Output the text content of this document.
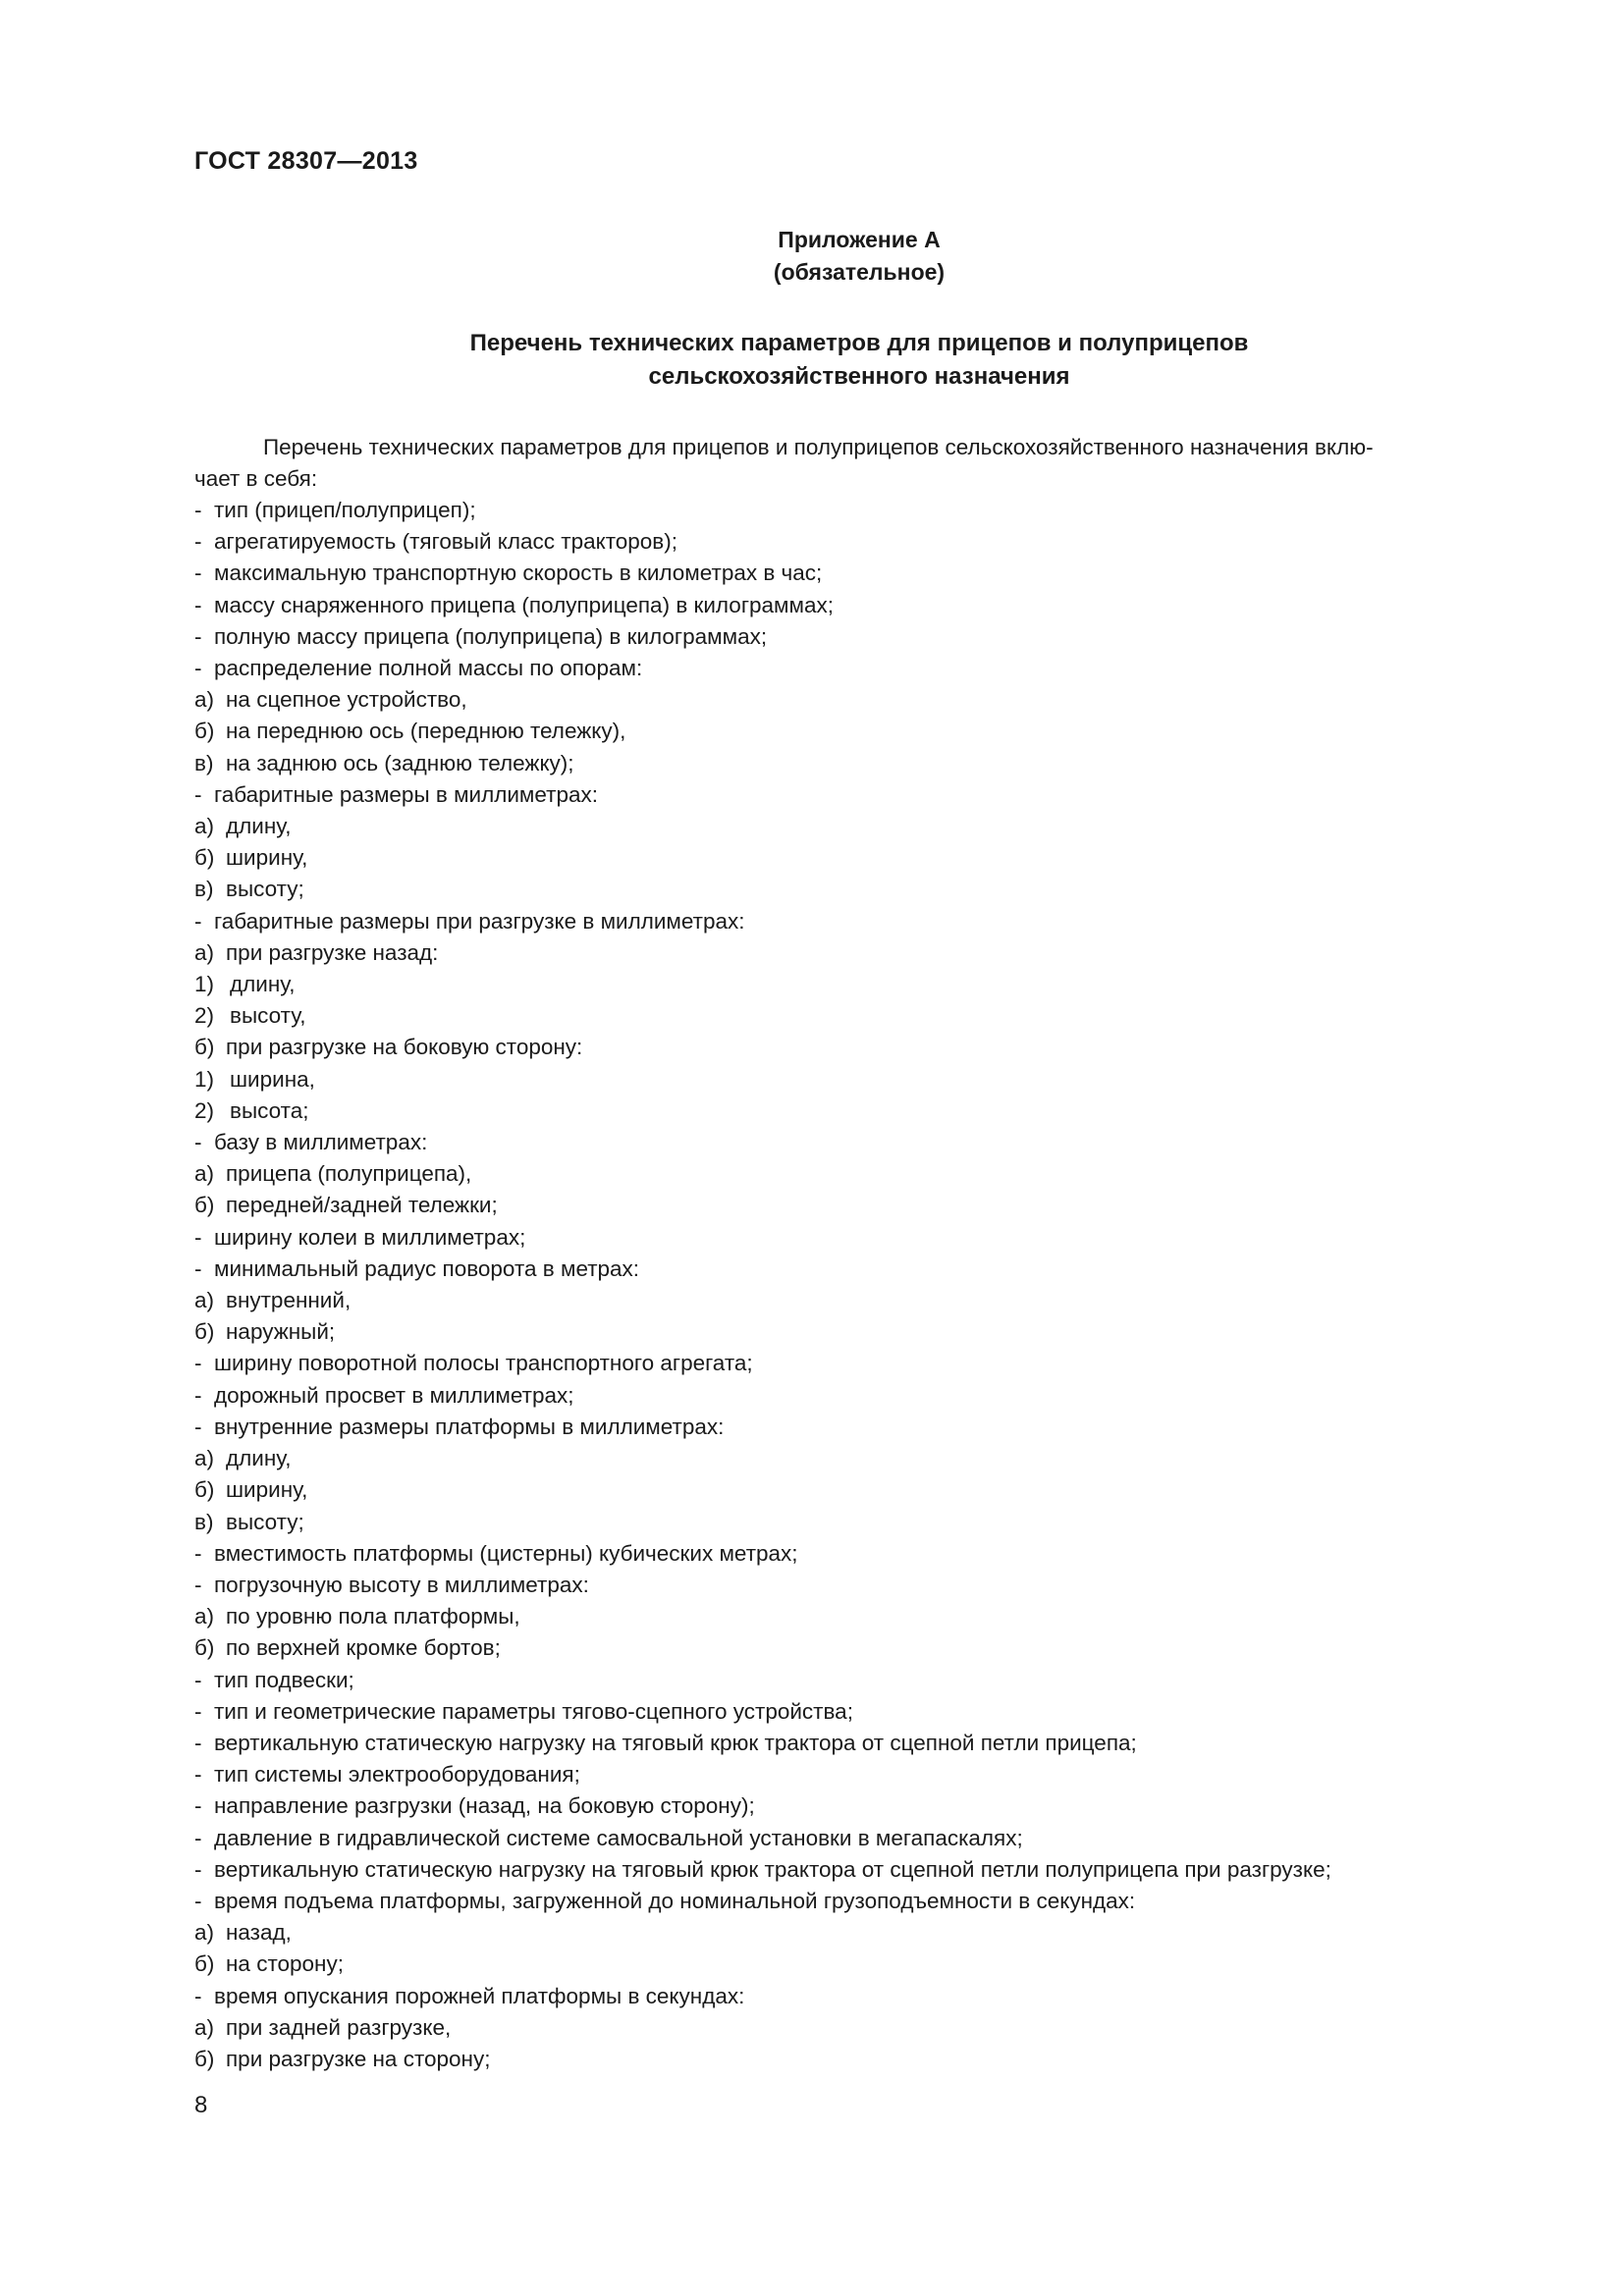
ГОСТ 28307—2013
Приложение А
(обязательное)
Перечень технических параметров для прицепов и полуприцепов
сельскохозяйственного назначения
Перечень технических параметров для прицепов и полуприцепов сельскохозяйственного назначения вклю-
чает в себя:
- тип (прицеп/полуприцеп);
- агрегатируемость (тяговый класс тракторов);
- максимальную транспортную скорость в километрах в час;
- массу снаряженного прицепа (полуприцепа) в килограммах;
- полную массу прицепа (полуприцепа) в килограммах;
- распределение полной массы по опорам:
а) на сцепное устройство,
б) на переднюю ось (переднюю тележку),
в) на заднюю ось (заднюю тележку);
- габаритные размеры в миллиметрах:
а) длину,
б) ширину,
в) высоту;
- габаритные размеры при разгрузке в миллиметрах:
а) при разгрузке назад:
1) длину,
2) высоту,
б) при разгрузке на боковую сторону:
1) ширина,
2) высота;
- базу в миллиметрах:
а) прицепа (полуприцепа),
б) передней/задней тележки;
- ширину колеи в миллиметрах;
- минимальный радиус поворота в метрах:
а) внутренний,
б) наружный;
- ширину поворотной полосы транспортного агрегата;
- дорожный просвет в миллиметрах;
- внутренние размеры платформы в миллиметрах:
а) длину,
б) ширину,
в) высоту;
- вместимость платформы (цистерны) кубических метрах;
- погрузочную высоту в миллиметрах:
а) по уровню пола платформы,
б) по верхней кромке бортов;
- тип подвески;
- тип и геометрические параметры тягово-сцепного устройства;
- вертикальную статическую нагрузку на тяговый крюк трактора от сцепной петли прицепа;
- тип системы электрооборудования;
- направление разгрузки (назад, на боковую сторону);
- давление в гидравлической системе самосвальной установки в мегапаскалях;
- вертикальную статическую нагрузку на тяговый крюк трактора от сцепной петли полуприцепа при разгрузке;
- время подъема платформы, загруженной до номинальной грузоподъемности в секундах:
а) назад,
б) на сторону;
- время опускания порожней платформы в секундах:
а) при задней разгрузке,
б) при разгрузке на сторону;
8
